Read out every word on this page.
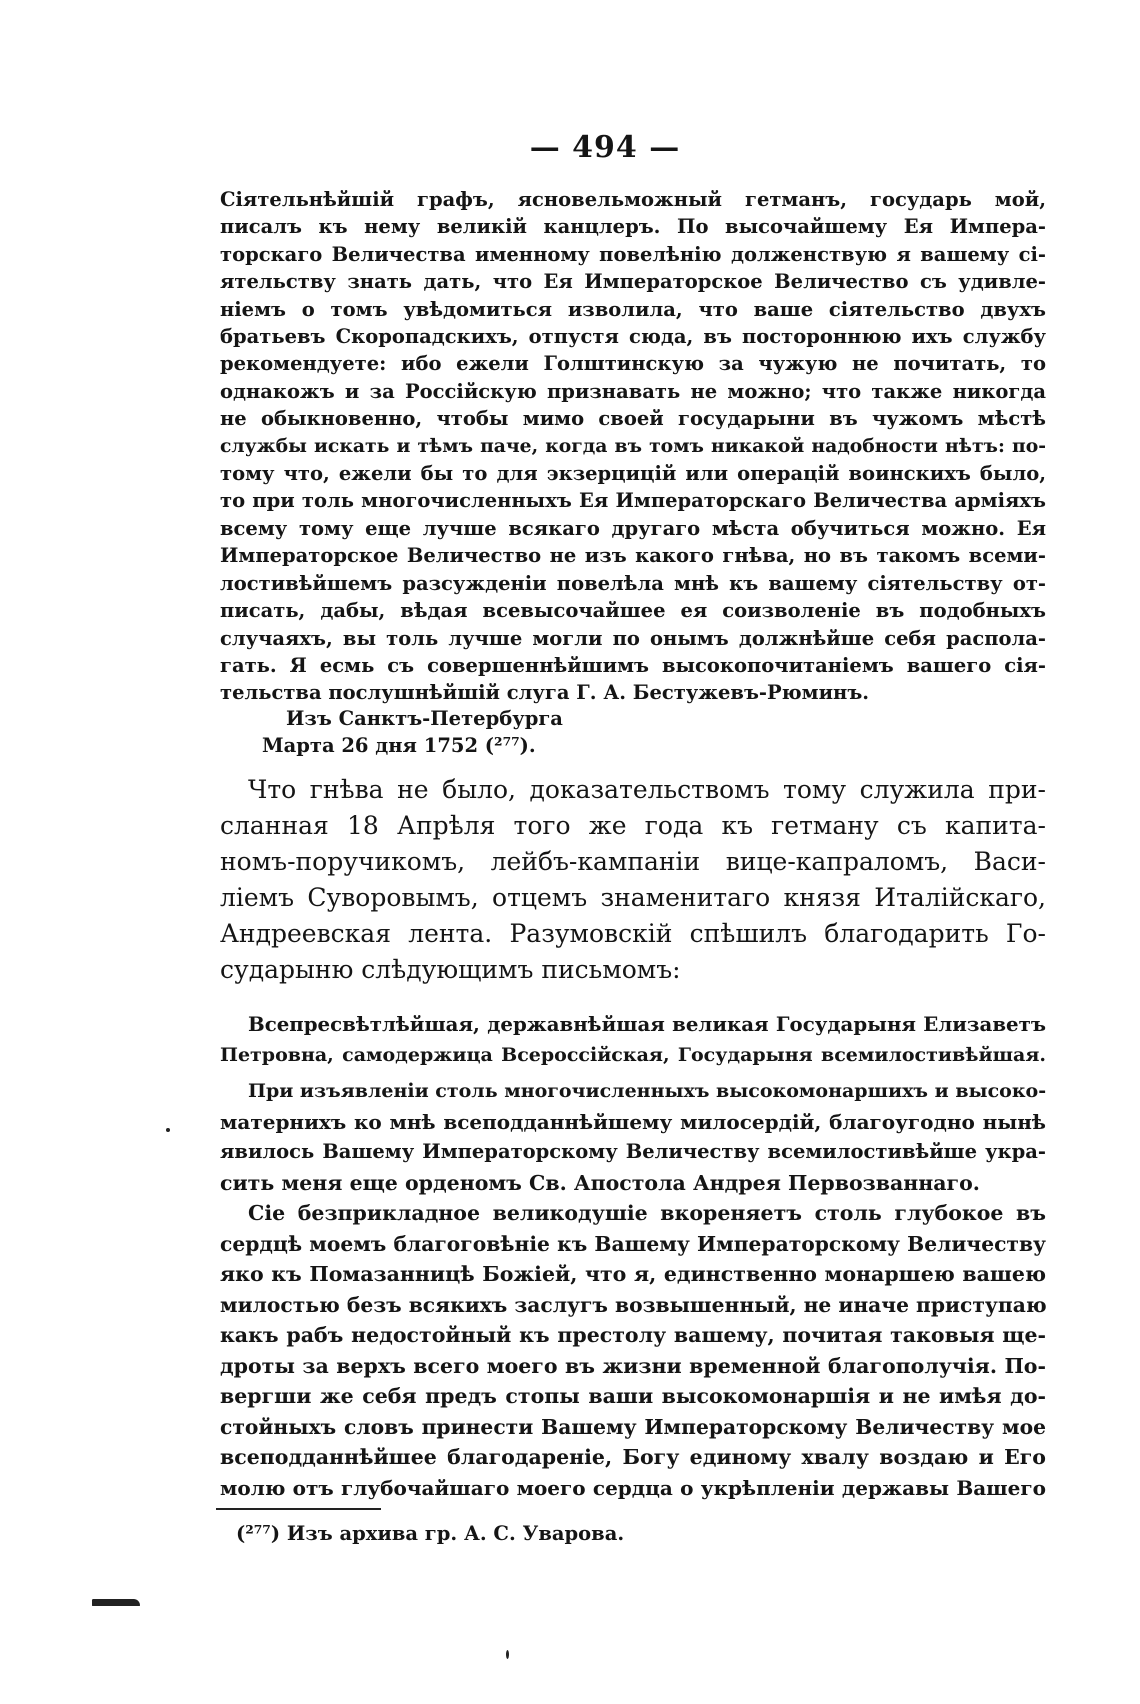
— 494 —
Сіятельнѣйшій графъ, ясновельможный гетманъ, государь мой,
писалъ къ нему великій канцлеръ. По высочайшему Ея Импера-
торскаго Величества именному повелѣнію долженствую я вашему сі-
ятельству знать дать, что Ея Императорское Величество съ удивле-
ніемъ о томъ увѣдомиться изволила, что ваше сіятельство двухъ
братьевъ Скоропадскихъ, отпустя сюда, въ постороннюю ихъ службу
рекомендуете: ибо ежели Голштинскую за чужую не почитать, то
однакожъ и за Россійскую признавать не можно; что также никогда
не обыкновенно, чтобы мимо своей государыни въ чужомъ мѣстѣ
службы искать и тѣмъ паче, когда въ томъ никакой надобности нѣтъ: по-
тому что, ежели бы то для экзерцицій или операцій воинскихъ было,
то при толь многочисленныхъ Ея Императорскаго Величества арміяхъ
всему тому еще лучше всякаго другаго мѣста обучиться можно. Ея
Императорское Величество не изъ какого гнѣва, но въ такомъ всеми-
лостивѣйшемъ разсужденіи повелѣла мнѣ къ вашему сіятельству от-
писать, дабы, вѣдая всевысочайшее ея соизволеніе въ подобныхъ
случаяхъ, вы толь лучше могли по онымъ должнѣйше себя распола-
гать. Я есмь съ совершеннѣйшимъ высокопочитаніемъ вашего сія-
тельства послушнѣйшій слуга Г. А. Бестужевъ-Рюминъ.
Изъ Санктъ-Петербурга
Марта 26 дня 1752 (²⁷⁷).
Что гнѣва не было, доказательствомъ тому служила при-
сланная 18 Апрѣля того же года къ гетману съ капита-
номъ-поручикомъ, лейбъ-кампаніи вице-капраломъ, Васи-
ліемъ Суворовымъ, отцемъ знаменитаго князя Италійскаго,
Андреевская лента. Разумовскій спѣшилъ благодарить Го-
сударыню слѣдующимъ письмомъ:
Всепресвѣтлѣйшая, державнѣйшая великая Государыня Елизаветъ
Петровна, самодержица Всероссійская, Государыня всемилостивѣйшая.
При изъявленіи столь многочисленныхъ высокомонаршихъ и высоко-
матернихъ ко мнѣ всеподданнѣйшему милосердій, благоугодно нынѣ
явилось Вашему Императорскому Величеству всемилостивѣйше укра-
сить меня еще орденомъ Св. Апостола Андрея Первозваннаго.
Сіе безприкладное великодушіе вкореняетъ столь глубокое въ
сердцѣ моемъ благоговѣніе къ Вашему Императорскому Величеству
яко къ Помазанницѣ Божіей, что я, единственно монаршею вашею
милостью безъ всякихъ заслугъ возвышенный, не иначе приступаю
какъ рабъ недостойный къ престолу вашему, почитая таковыя ще-
дроты за верхъ всего моего въ жизни временной благополучія. По-
вергши же себя предъ стопы ваши высокомонаршія и не имѣя до-
стойныхъ словъ принести Вашему Императорскому Величеству мое
всеподданнѣйшее благодареніе, Богу единому хвалу воздаю и Его
молю отъ глубочайшаго моего сердца о укрѣпленіи державы Вашего
(²⁷⁷) Изъ архива гр. А. С. Уварова.
